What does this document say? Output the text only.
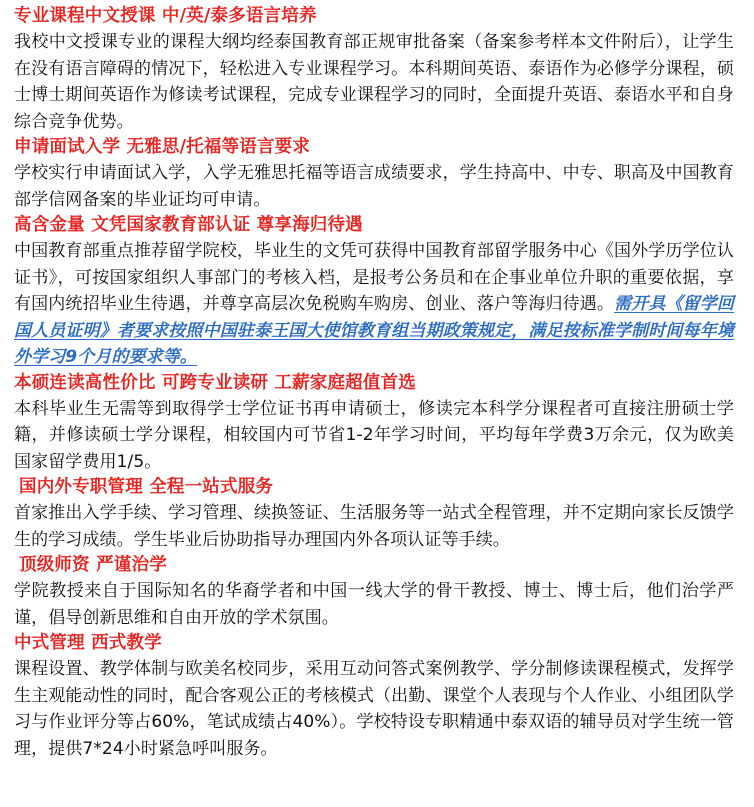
专业课程中文授课 中/英/泰多语言培养
我校中文授课专业的课程大纲均经泰国教育部正规审批备案（备案参考样本文件附后），让学生在没有语言障碍的情况下，轻松进入专业课程学习。本科期间英语、泰语作为必修学分课程，硕士博士期间英语作为修读考试课程，完成专业课程学习的同时，全面提升英语、泰语水平和自身综合竞争优势。
申请面试入学 无雅思/托福等语言要求
学校实行申请面试入学，入学无雅思托福等语言成绩要求，学生持高中、中专、职高及中国教育部学信网备案的毕业证均可申请。
高含金量 文凭国家教育部认证 尊享海归待遇
中国教育部重点推荐留学院校，毕业生的文凭可获得中国教育部留学服务中心《国外学历学位认证书》，可按国家组织人事部门的考核入档，是报考公务员和在企事业单位升职的重要依据，享有国内统招毕业生待遇，并尊享高层次免税购车购房、创业、落户等海归待遇。需开具《留学回国人员证明》者要求按照中国驻泰王国大使馆教育组当期政策规定，满足按标准学制时间每年境外学习9个月的要求等。
本硕连读高性价比 可跨专业读研 工薪家庭超值首选
本科毕业生无需等到取得学士学位证书再申请硕士，修读完本科学分课程者可直接注册硕士学籍，并修读硕士学分课程，相较国内可节省1-2年学习时间，平均每年学费3万余元，仅为欧美国家留学费用1/5。
国内外专职管理 全程一站式服务
首家推出入学手续、学习管理、续换签证、生活服务等一站式全程管理，并不定期向家长反馈学生的学习成绩。学生毕业后协助指导办理国内外各项认证等手续。
顶级师资 严谨治学
学院教授来自于国际知名的华裔学者和中国一线大学的骨干教授、博士、博士后，他们治学严谨，倡导创新思维和自由开放的学术氛围。
中式管理 西式教学
课程设置、教学体制与欧美名校同步，采用互动问答式案例教学、学分制修读课程模式，发挥学生主观能动性的同时，配合客观公正的考核模式（出勤、课堂个人表现与个人作业、小组团队学习与作业评分等占60%，笔试成绩占40%）。学校特设专职精通中泰双语的辅导员对学生统一管理，提供7*24小时紧急呼叫服务。
